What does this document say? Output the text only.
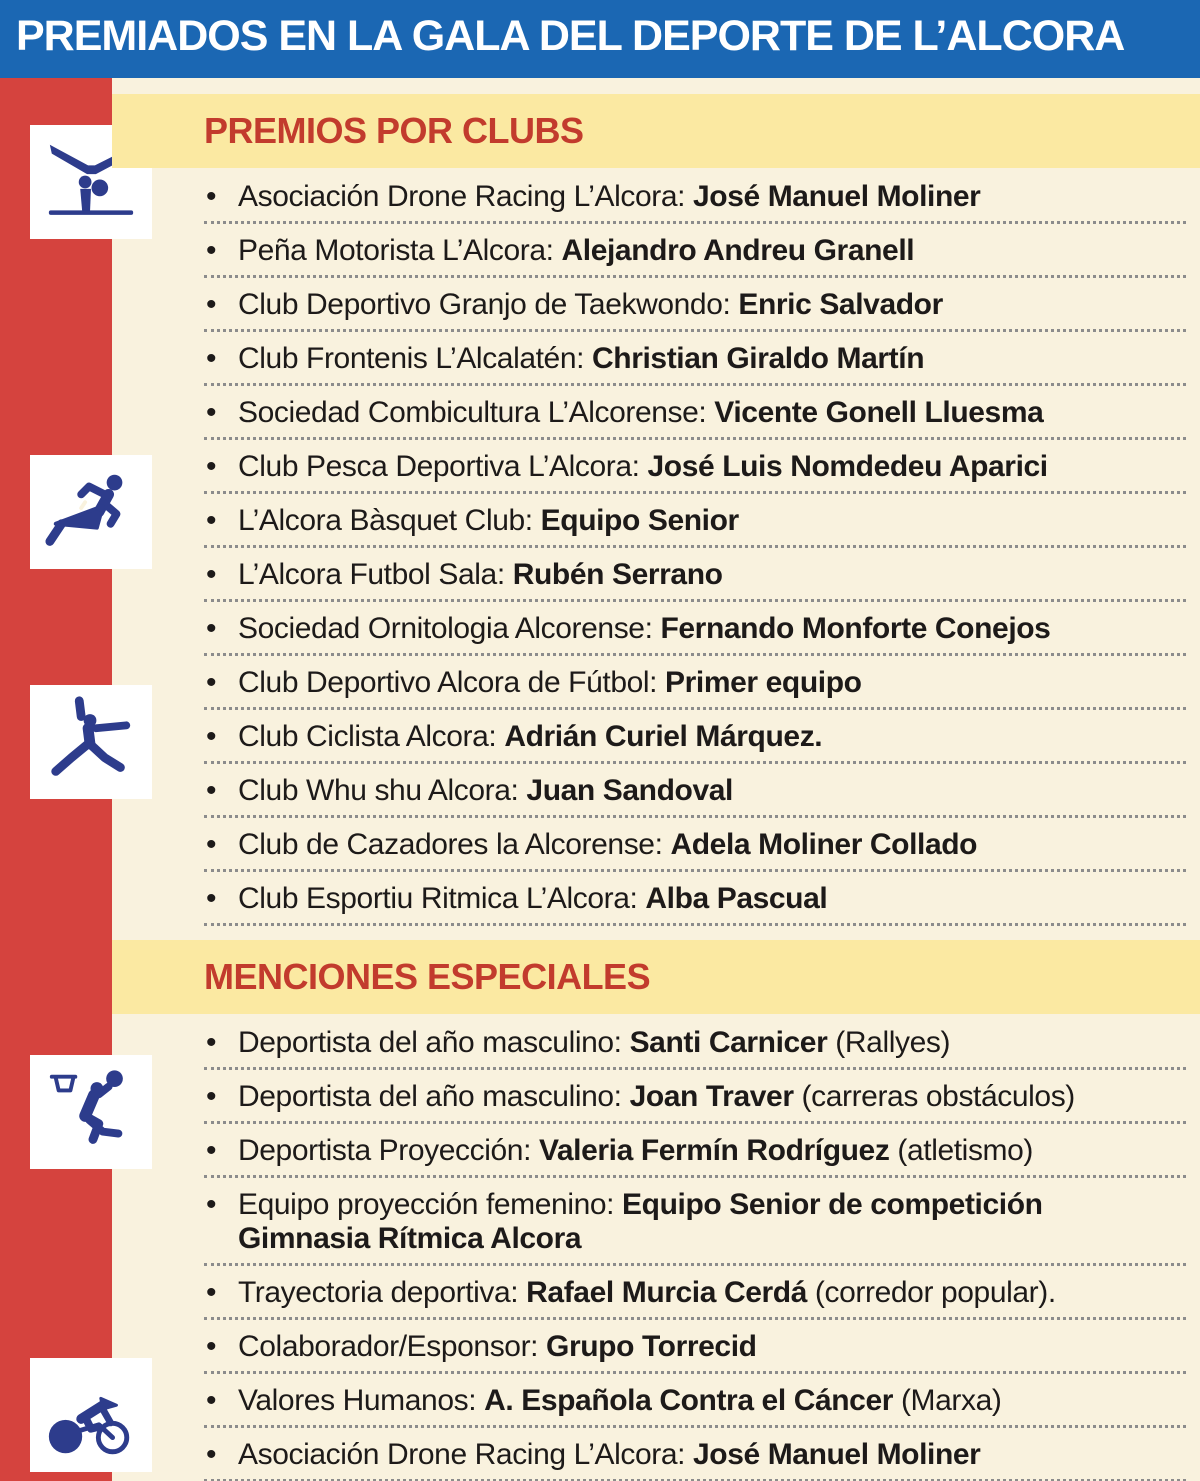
PREMIADOS EN LA GALA DEL DEPORTE DE L’ALCORA
PREMIOS POR CLUBS
• Asociación Drone Racing L’Alcora: José Manuel Moliner
• Peña Motorista L’Alcora: Alejandro Andreu Granell
• Club Deportivo Granjo de Taekwondo: Enric Salvador
• Club Frontenis L’Alcalatén: Christian Giraldo Martín
• Sociedad Combicultura L’Alcorense: Vicente Gonell Lluesma
• Club Pesca Deportiva L’Alcora: José Luis Nomdedeu Aparici
• L’Alcora Bàsquet Club: Equipo Senior
• L’Alcora Futbol Sala: Rubén Serrano
• Sociedad Ornitologia Alcorense: Fernando Monforte Conejos
• Club Deportivo Alcora de Fútbol: Primer equipo
• Club Ciclista Alcora: Adrián Curiel Márquez.
• Club Whu shu Alcora: Juan Sandoval
• Club de Cazadores la Alcorense: Adela Moliner Collado
• Club Esportiu Ritmica L’Alcora: Alba Pascual
MENCIONES ESPECIALES
• Deportista del año masculino: Santi Carnicer (Rallyes)
• Deportista del año masculino: Joan Traver (carreras obstáculos)
• Deportista Proyección: Valeria Fermín Rodríguez (atletismo)
• Equipo proyección femenino: Equipo Senior de competición
Gimnasia Rítmica Alcora
• Trayectoria deportiva: Rafael Murcia Cerdá (corredor popular).
• Colaborador/Esponsor: Grupo Torrecid
• Valores Humanos: A. Española Contra el Cáncer (Marxa)
• Asociación Drone Racing L’Alcora: José Manuel Moliner
